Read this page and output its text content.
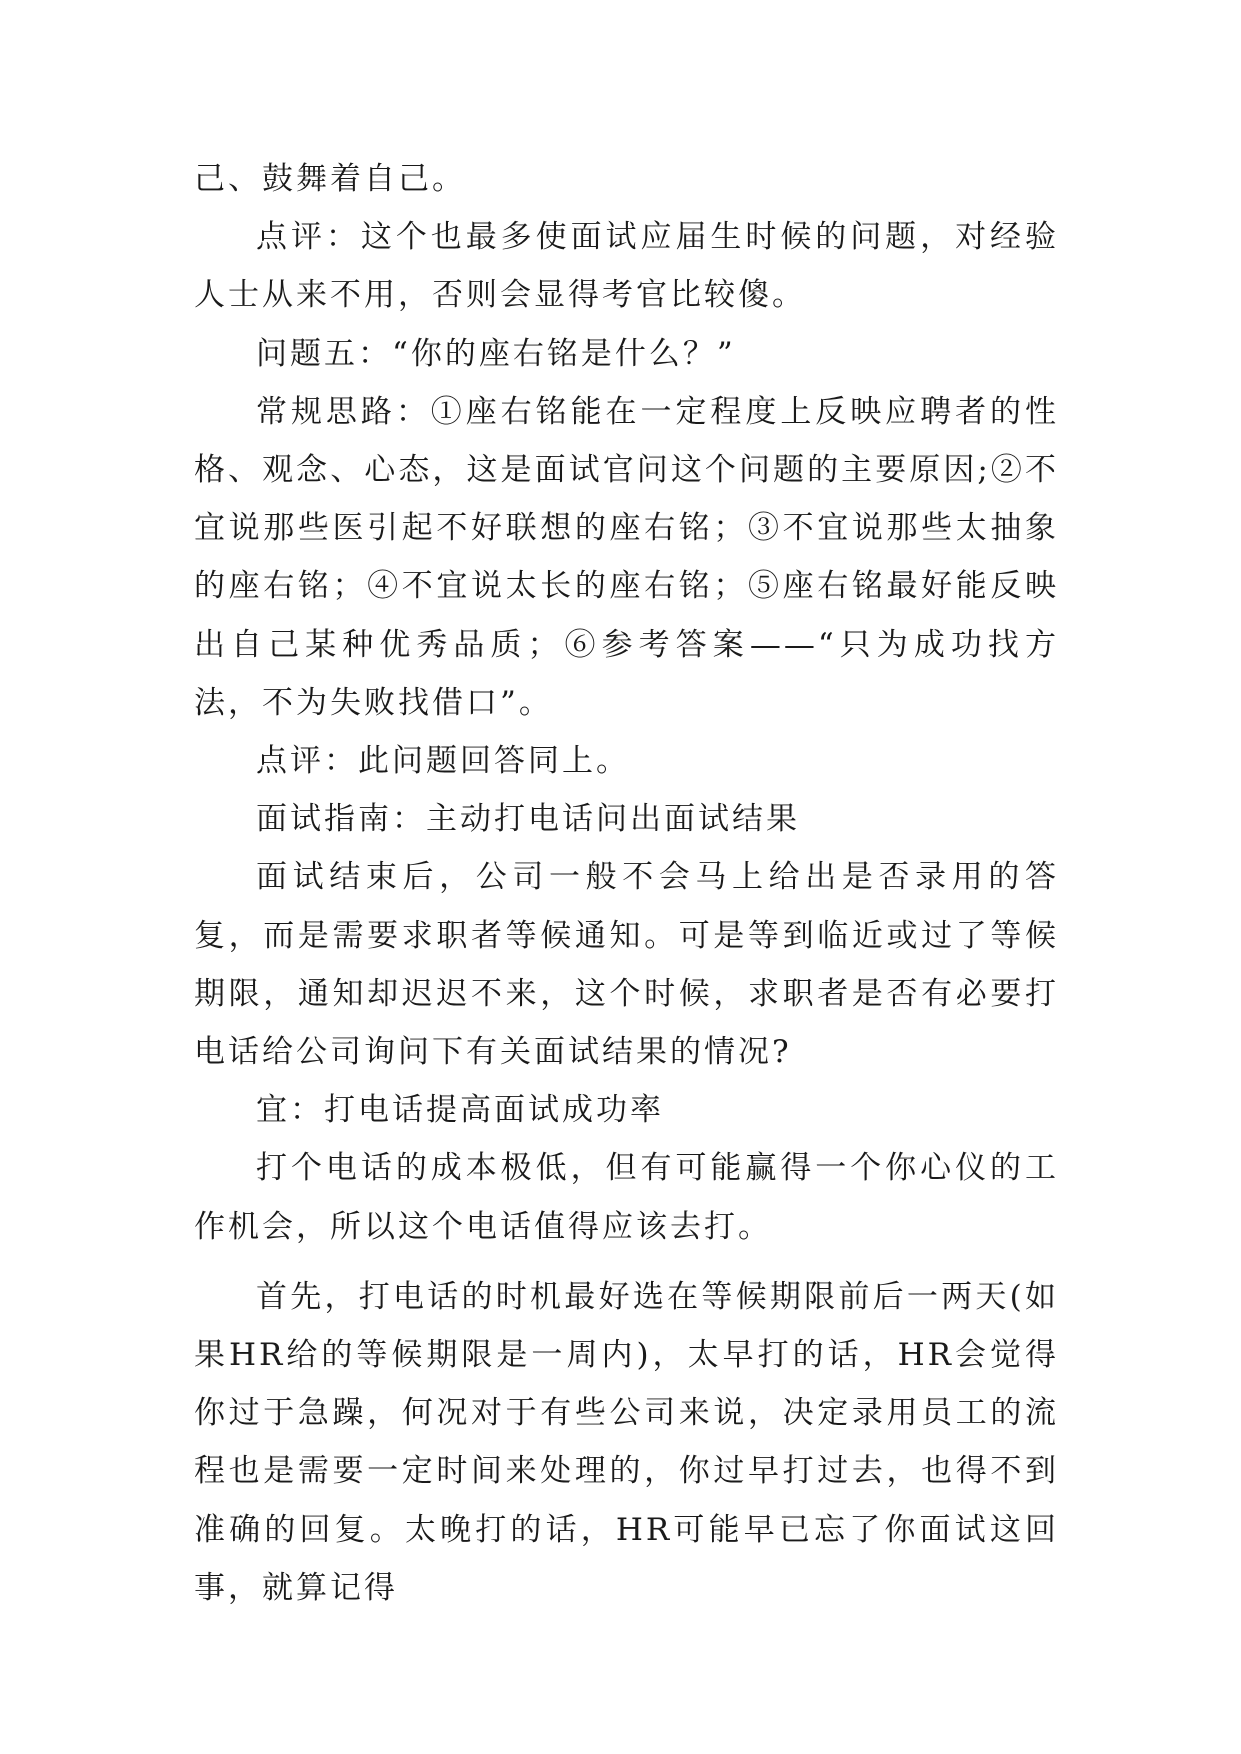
己、鼓舞着自己。

点评：这个也最多使面试应届生时候的问题，对经验人士从来不用，否则会显得考官比较傻。

问题五：“你的座右铭是什么？”

常规思路：①座右铭能在一定程度上反映应聘者的性格、观念、心态，这是面试官问这个问题的主要原因;②不宜说那些医引起不好联想的座右铭；③不宜说那些太抽象的座右铭；④不宜说太长的座右铭；⑤座右铭最好能反映出自己某种优秀品质；⑥参考答案——“只为成功找方法，不为失败找借口”。

点评：此问题回答同上。

面试指南：主动打电话问出面试结果

面试结束后，公司一般不会马上给出是否录用的答复，而是需要求职者等候通知。可是等到临近或过了等候期限，通知却迟迟不来，这个时候，求职者是否有必要打电话给公司询问下有关面试结果的情况?

宜：打电话提高面试成功率

打个电话的成本极低，但有可能赢得一个你心仪的工作机会，所以这个电话值得应该去打。

首先，打电话的时机最好选在等候期限前后一两天(如果HR给的等候期限是一周内)，太早打的话，HR会觉得你过于急躁，何况对于有些公司来说，决定录用员工的流程也是需要一定时间来处理的，你过早打过去，也得不到准确的回复。太晚打的话，HR可能早已忘了你面试这回事，就算记得
